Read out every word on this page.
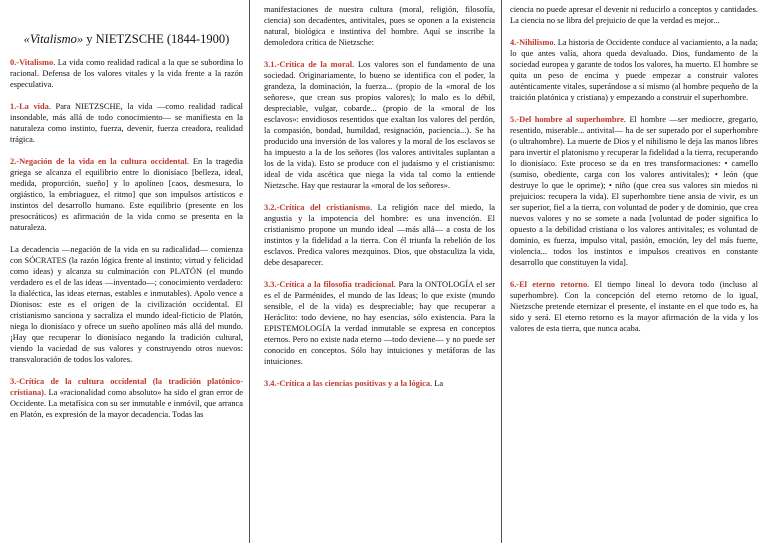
«Vitalismo» y NIETZSCHE (1844-1900)

0.-Vitalismo. La vida como realidad radical a la que se subordina lo racional. Defensa de los valores vitales y la vida frente a la razón especulativa.

1.-La vida. Para NIETZSCHE, la vida —como realidad radical insondable, más allá de todo conocimiento— se manifiesta en la naturaleza como instinto, fuerza, devenir, fuerza creadora, realidad trágica.

2.-Negación de la vida en la cultura occidental. En la tragedia griega se alcanza el equilibrio entre lo dionisíaco [belleza, ideal, medida, proporción, sueño] y lo apolíneo [caos, desmesura, lo orgiástico, la embriaguez, el ritmo] que son impulsos artísticos e instintos del desarrollo humano. Este equilibrio (presente en los presocráticos) es afirmación de la vida como se presenta en la naturaleza.

La decadencia —negación de la vida en su radicalidad— comienza con SÓCRATES (la razón lógica frente al instinto; virtud y felicidad como ideas) y alcanza su culminación con PLATÓN (el mundo verdadero es el de las ideas —inventado—; conocimiento verdadero: la dialéctica, las ideas eternas, estables e inmutables). Apolo vence a Dionisos: este es el origen de la civilización occidental. El cristianismo sanciona y sacraliza el mundo ideal-ficticio de Platón, niega lo dionisíaco y ofrece un sueño apolíneo más allá del mundo. ¡Hay que recuperar lo dionisíaco negando la tradición cultural, viendo la vaciedad de sus valores y construyendo otros nuevos: transvaloración de todos los valores.

3.-Crítica de la cultura occidental (la tradición platónico-cristiana). La «racionalidad como absoluto» ha sido el gran error de Occidente. La metafísica con su ser inmutable e inmóvil, que arranca en Platón, es expresión de la mayor decadencia. Todas las

manifestaciones de nuestra cultura (moral, religión, filosofía, ciencia) son decadentes, antivitales, pues se oponen a la existencia natural, biológica e instintiva del hombre. Aquí se inscribe la demoledora crítica de Nietzsche:

3.1.-Crítica de la moral. Los valores son el fundamento de una sociedad. Originariamente, lo bueno se identifica con el poder, la grandeza, la dominación, la fuerza... (propio de la «moral de los señores», que crean sus propios valores); lo malo es lo débil, despreciable, vulgar, cobarde... (propio de la «moral de los esclavos»: envidiosos resentidos que exaltan los valores del perdón, la compasión, bondad, humildad, resignación, paciencia...). Se ha producido una inversión de los valores y la moral de los esclavos se ha impuesto a la de los señores (los valores antivitales suplantan a los de la vida). Esto se produce con el judaísmo y el cristianismo: ideal de vida ascética que niega la vida tal como la entiende Nietzsche. Hay que restaurar la «moral de los señores».

3.2.-Crítica del cristianismo. La religión nace del miedo, la angustia y la impotencia del hombre: es una invención. El cristianismo propone un mundo ideal —más allá— a costa de los instintos y la fidelidad a la tierra. Con él triunfa la rebelión de los esclavos. Predica valores mezquinos. Dios, que obstaculiza la vida, debe desaparecer.

3.3.-Crítica a la filosofía tradicional. Para la ONTOLOGÍA el ser es el de Parménides, el mundo de las Ideas; lo que existe (mundo sensible, el de la vida) es despreciable; hay que recuperar a Heráclito: todo deviene, no hay esencias, sólo existencia. Para la EPISTEMOLOGÍA la verdad inmutable se expresa en conceptos eternos. Pero no existe nada eterno —todo deviene— y no puede ser conocido en conceptos. Sólo hay intuiciones y metáforas de las intuiciones.

3.4.-Crítica a las ciencias positivas y a la lógica. La

ciencia no puede apresar el devenir ni reducirlo a conceptos y cantidades. La ciencia no se libra del prejuicio de que la verdad es mejor...

4.-Nihilismo. La historia de Occidente conduce al vaciamiento, a la nada; lo que antes valía, ahora queda devaluado. Dios, fundamento de la sociedad europea y garante de todos los valores, ha muerto. El hombre se quita un peso de encima y puede empezar a construir valores auténticamente vitales, superándose a sí mismo (al hombre pequeño de la traición platónica y cristiana) y empezando a construir el superhombre.

5.-Del hombre al superhombre. El hombre —ser mediocre, gregario, resentido, miserable... antivital— ha de ser superado por el superhombre (o ultrahombre). La muerte de Dios y el nihilismo le deja las manos libres para invertir el platonismo y recuperar la fidelidad a la tierra, recuperando lo dionisíaco. Este proceso se da en tres transformaciones: • camello (sumiso, obediente, carga con los valores antivitales); • león (que destruye lo que le oprime); • niño (que crea sus valores sin miedos ni prejuicios: recupera la vida). El superhombre tiene ansia de vivir, es un ser superior, fiel a la tierra, con voluntad de poder y de dominio, que crea nuevos valores y no se somete a nada [voluntad de poder significa lo opuesto a la debilidad cristiana o los valores antivitales; es voluntad de dominio, es fuerza, impulso vital, pasión, emoción, ley del más fuerte, violencia... todos los instintos e impulsos creativos en constante desarrollo que constituyen la vida].

6.-El eterno retorno. El tiempo lineal lo devora todo (incluso al superhombre). Con la concepción del eterno retorno de lo igual, Nietzsche pretende eternizar el presente, el instante en el que todo es, ha sido y será. El eterno retorno es la mayor afirmación de la vida y los valores de esta tierra, que nunca acaba.
